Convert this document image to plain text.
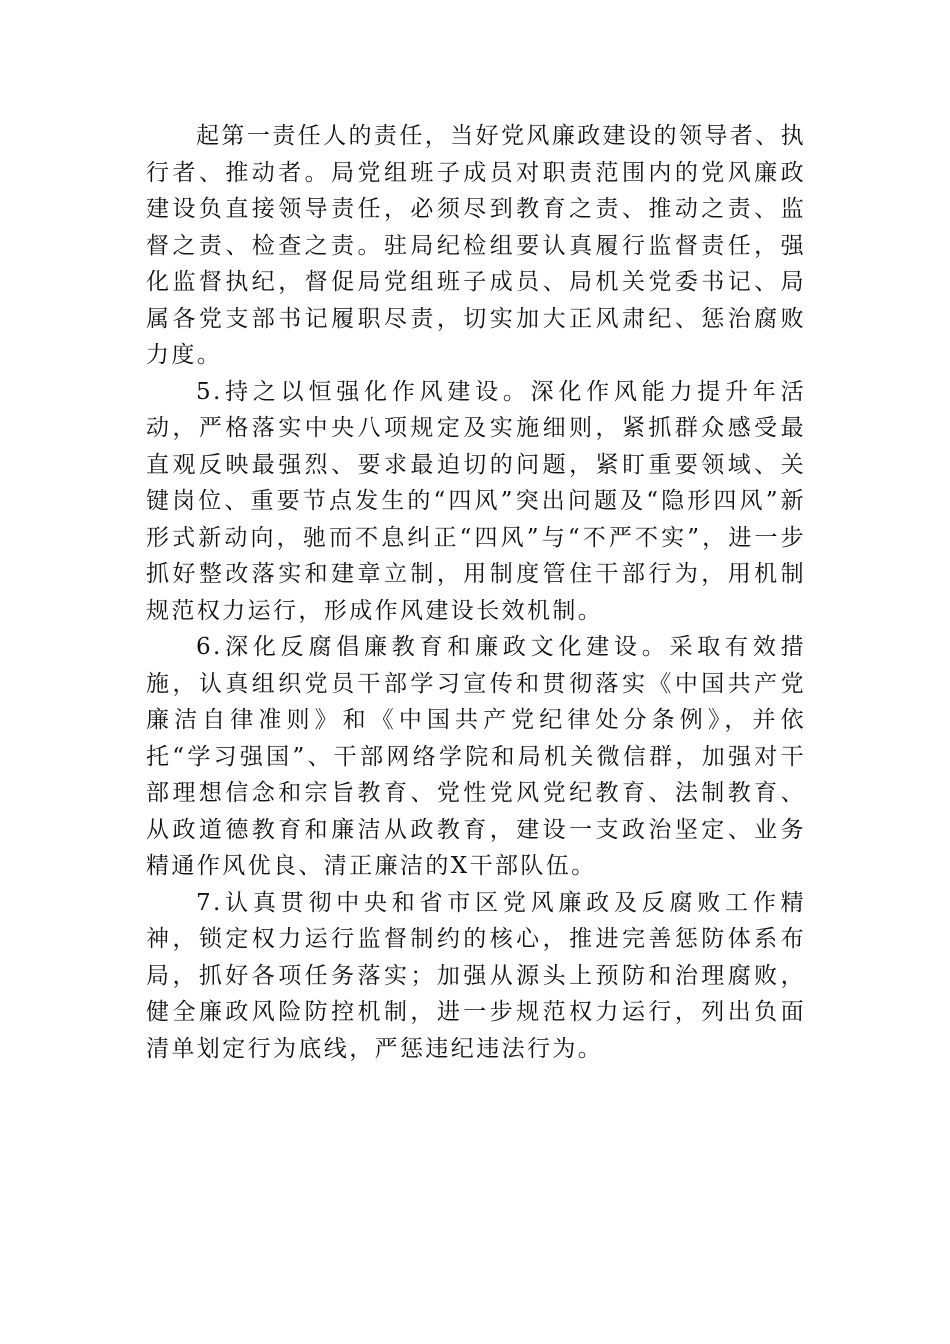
起第一责任人的责任，当好党风廉政建设的领导者、执行者、推动者。局党组班子成员对职责范围内的党风廉政建设负直接领导责任，必须尽到教育之责、推动之责、监督之责、检查之责。驻局纪检组要认真履行监督责任，强化监督执纪，督促局党组班子成员、局机关党委书记、局属各党支部书记履职尽责，切实加大正风肃纪、惩治腐败力度。

5.持之以恒强化作风建设。深化作风能力提升年活动，严格落实中央八项规定及实施细则，紧抓群众感受最直观反映最强烈、要求最迫切的问题，紧盯重要领域、关键岗位、重要节点发生的“四风”突出问题及“隐形四风”新形式新动向，驰而不息纠正“四风”与“不严不实”，进一步抓好整改落实和建章立制，用制度管住干部行为，用机制规范权力运行，形成作风建设长效机制。

6.深化反腐倡廉教育和廉政文化建设。采取有效措施，认真组织党员干部学习宣传和贯彻落实《中国共产党廉洁自律准则》和《中国共产党纪律处分条例》，并依托“学习强国”、干部网络学院和局机关微信群，加强对干部理想信念和宗旨教育、党性党风党纪教育、法制教育、从政道德教育和廉洁从政教育，建设一支政治坚定、业务精通作风优良、清正廉洁的X干部队伍。

7.认真贯彻中央和省市区党风廉政及反腐败工作精神，锁定权力运行监督制约的核心，推进完善惩防体系布局，抓好各项任务落实；加强从源头上预防和治理腐败，健全廉政风险防控机制，进一步规范权力运行，列出负面清单划定行为底线，严惩违纪违法行为。
